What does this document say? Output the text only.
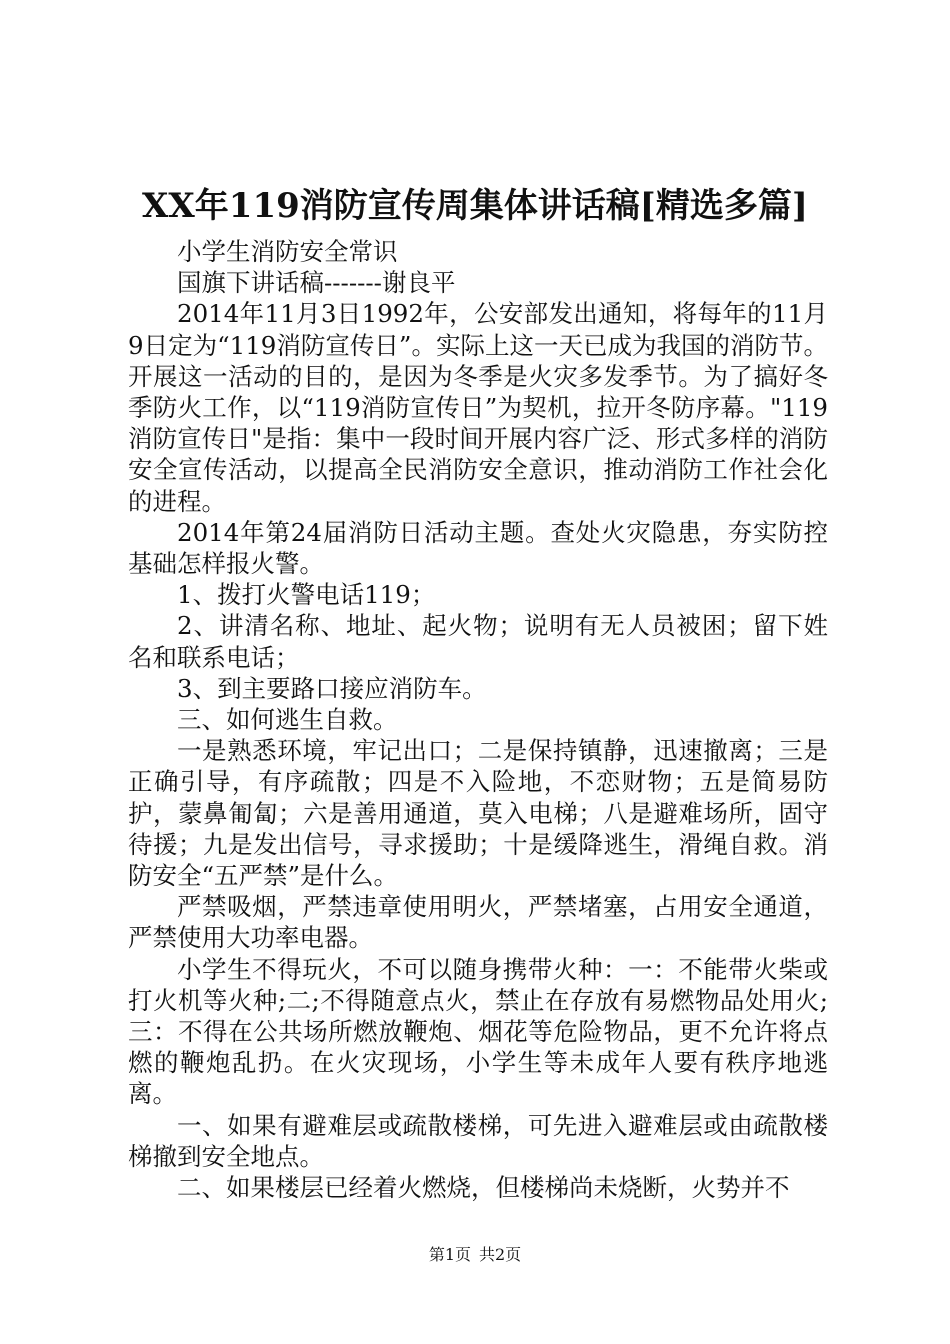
XX年119消防宣传周集体讲话稿[精选多篇]

小学生消防安全常识

国旗下讲话稿-------谢良平

2014年11月3日1992年，公安部发出通知，将每年的11月9日定为“119消防宣传日”。实际上这一天已成为我国的消防节。开展这一活动的目的，是因为冬季是火灾多发季节。为了搞好冬季防火工作，以“119消防宣传日”为契机，拉开冬防序幕。"119消防宣传日"是指：集中一段时间开展内容广泛、形式多样的消防安全宣传活动，以提高全民消防安全意识，推动消防工作社会化的进程。

2014年第24届消防日活动主题。查处火灾隐患，夯实防控基础怎样报火警。

1、拨打火警电话119；

2、讲清名称、地址、起火物；说明有无人员被困；留下姓名和联系电话；

3、到主要路口接应消防车。

三、如何逃生自救。

一是熟悉环境，牢记出口；二是保持镇静，迅速撤离；三是正确引导，有序疏散；四是不入险地，不恋财物；五是简易防护，蒙鼻匍匐；六是善用通道，莫入电梯；八是避难场所，固守待援；九是发出信号，寻求援助；十是缓降逃生，滑绳自救。消防安全“五严禁”是什么。

严禁吸烟，严禁违章使用明火，严禁堵塞，占用安全通道，严禁使用大功率电器。

小学生不得玩火，不可以随身携带火种：一：不能带火柴或打火机等火种;二;不得随意点火，禁止在存放有易燃物品处用火;三：不得在公共场所燃放鞭炮、烟花等危险物品，更不允许将点燃的鞭炮乱扔。在火灾现场，小学生等未成年人要有秩序地逃离。

一、如果有避难层或疏散楼梯，可先进入避难层或由疏散楼梯撤到安全地点。

二、如果楼层已经着火燃烧，但楼梯尚未烧断，火势并不

第1页 共2页
